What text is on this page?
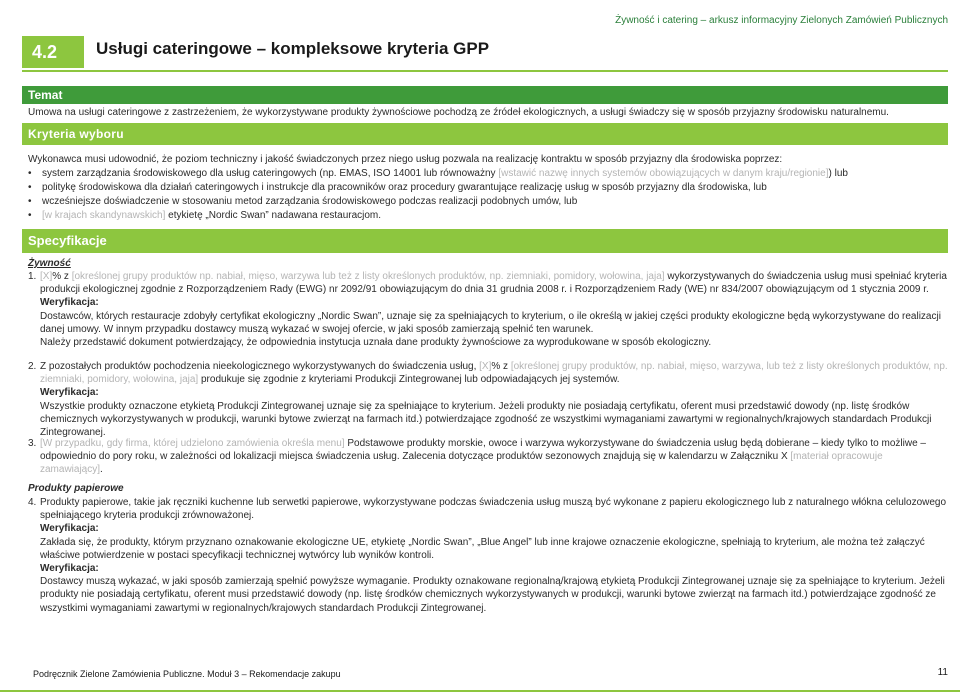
Żywność i catering – arkusz informacyjny Zielonych Zamówień Publicznych
4.2	Usługi cateringowe – kompleksowe kryteria GPP
Temat
Umowa na usługi cateringowe z zastrzeżeniem, że wykorzystywane produkty żywnościowe pochodzą ze źródeł ekologicznych, a usługi świadczy się w sposób przyjazny środowisku naturalnemu.
Kryteria wyboru
Wykonawca musi udowodnić, że poziom techniczny i jakość świadczonych przez niego usług pozwala na realizację kontraktu w sposób przyjazny dla środowiska poprzez:
• system zarządzania środowiskowego dla usług cateringowych (np. EMAS, ISO 14001 lub równoważny [wstawić nazwę innych systemów obowiązujących w danym kraju/regionie]) lub
• politykę środowiskowa dla działań cateringowych i instrukcje dla pracowników oraz procedury gwarantujące realizację usług w sposób przyjazny dla środowiska, lub
• wcześniejsze doświadczenie w stosowaniu metod zarządzania środowiskowego podczas realizacji podobnych umów, lub
• [w krajach skandynawskich] etykietę „Nordic Swan” nadawana restauracjom.
Specyfikacje
Żywność
1. [X]% z [określonej grupy produktów np. nabiał, mięso, warzywa lub też z listy określonych produktów, np. ziemniaki, pomidory, wołowina, jaja] wykorzystywanych do świadczenia usług musi spełniać kryteria produkcji ekologicznej zgodnie z Rozporządzeniem Rady (EWG) nr 2092/91 obowiązującym do dnia 31 grudnia 2008 r. i Rozporządzeniem Rady (WE) nr 834/2007 obowiązującym od 1 stycznia 2009 r.
Weryfikacja:
Dostawców, których restauracje zdobyły certyfikat ekologiczny „Nordic Swan”, uznaje się za spełniających to kryterium, o ile określą w jakiej części produkty ekologiczne będą wykorzystywane do realizacji danej umowy. W innym przypadku dostawcy muszą wykazać w swojej ofercie, w jaki sposób zamierzają spełnić ten warunek.
Należy przedstawić dokument potwierdzający, że odpowiednia instytucja uznała dane produkty żywnościowe za wyprodukowane w sposób ekologiczny.
2. Z pozostałych produktów pochodzenia nieekologicznego wykorzystywanych do świadczenia usług, [X]% z [określonej grupy produktów, np. nabiał, mięso, warzywa, lub też z listy określonych produktów, np. ziemniaki, pomidory, wołowina, jaja] produkuje się zgodnie z kryteriami Produkcji Zintegrowanej lub odpowiadających jej systemów.
Weryfikacja:
Wszystkie produkty oznaczone etykietą Produkcji Zintegrowanej uznaje się za spełniające to kryterium. Jeżeli produkty nie posiadają certyfikatu, oferent musi przedstawić dowody (np. listę środków chemicznych wykorzystywanych w produkcji, warunki bytowe zwierząt na farmach itd.) potwierdzające zgodność ze wszystkimi wymaganiami zawartymi w regionalnych/krajowych standardach Produkcji Zintegrowanej.
3. [W przypadku, gdy firma, której udzielono zamówienia określa menu] Podstawowe produkty morskie, owoce i warzywa wykorzystywane do świadczenia usług będą dobierane – kiedy tylko to możliwe – odpowiednio do pory roku, w zależności od lokalizacji miejsca świadczenia usług. Zalecenia dotyczące produktów sezonowych znajdują się w kalendarzu w Załączniku X [materiał opracowuje zamawiający].
Produkty papierowe
4. Produkty papierowe, takie jak ręczniki kuchenne lub serwetki papierowe, wykorzystywane podczas świadczenia usług muszą być wykonane z papieru ekologicznego lub z naturalnego włókna celulozowego spełniającego kryteria produkcji zrównoważonej.
Weryfikacja:
Zakłada się, że produkty, którym przyznano oznakowanie ekologiczne UE, etykietę „Nordic Swan”, „Blue Angel” lub inne krajowe oznaczenie ekologiczne, spełniają to kryterium, ale można też załączyć właściwe potwierdzenie w postaci specyfikacji technicznej wytwórcy lub wyników kontroli.
Weryfikacja:
Dostawcy muszą wykazać, w jaki sposób zamierzają spełnić powyższe wymaganie. Produkty oznakowane regionalną/krajową etykietą Produkcji Zintegrowanej uznaje się za spełniające to kryterium. Jeżeli produkty nie posiadają certyfikatu, oferent musi przedstawić dowody (np. listę środków chemicznych wykorzystywanych w produkcji, warunki bytowe zwierząt na farmach itd.) potwierdzające zgodność ze wszystkimi wymaganiami zawartymi w regionalnych/krajowych standardach Produkcji Zintegrowanej.
Podręcznik Zielone Zamówienia Publiczne. Moduł 3 – Rekomendacje zakupu	11
